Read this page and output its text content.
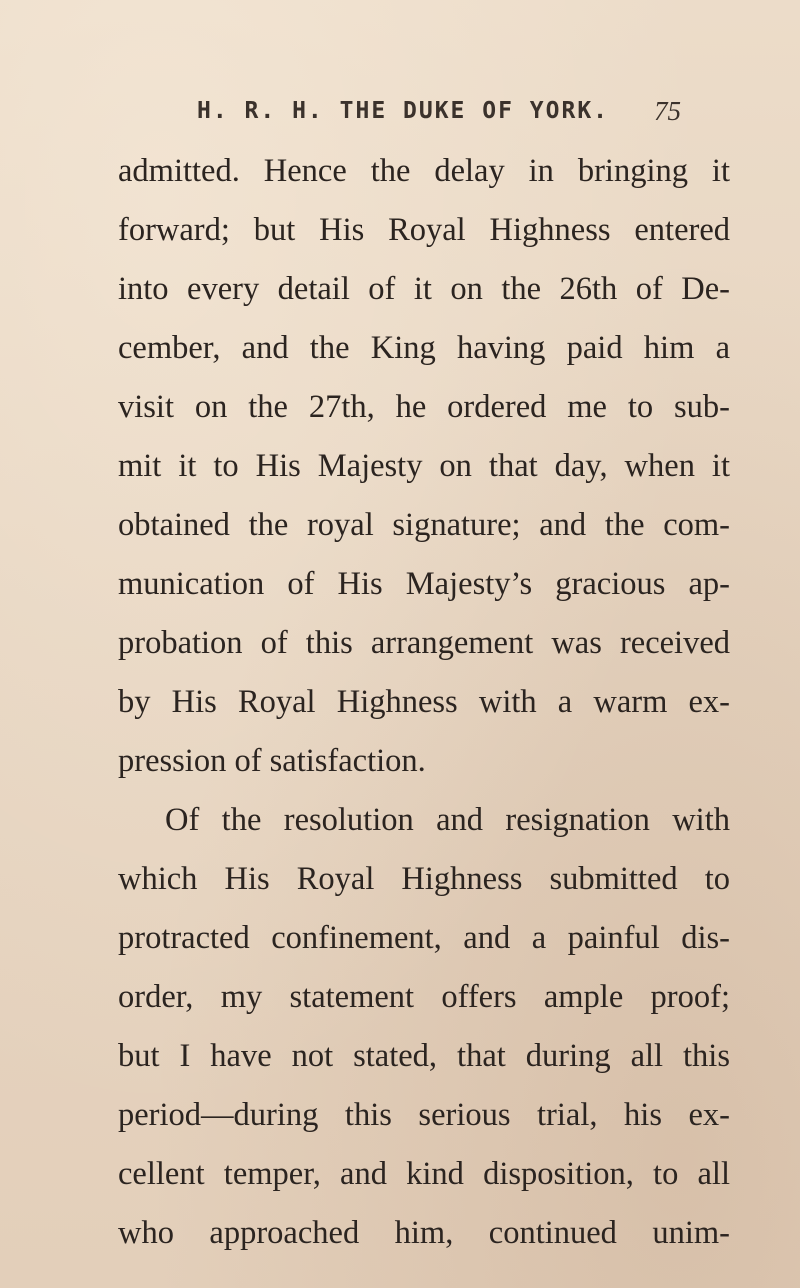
H. R. H. THE DUKE OF YORK.	75
admitted. Hence the delay in bringing it
forward; but His Royal Highness entered
into every detail of it on the 26th of De-
cember, and the King having paid him a
visit on the 27th, he ordered me to sub-
mit it to His Majesty on that day, when it
obtained the royal signature; and the com-
munication of His Majesty’s gracious ap-
probation of this arrangement was received
by His Royal Highness with a warm ex-
pression of satisfaction.
Of the resolution and resignation with
which His Royal Highness submitted to
protracted confinement, and a painful dis-
order, my statement offers ample proof;
but I have not stated, that during all this
period—during this serious trial, his ex-
cellent temper, and kind disposition, to all
who approached him, continued unim-
